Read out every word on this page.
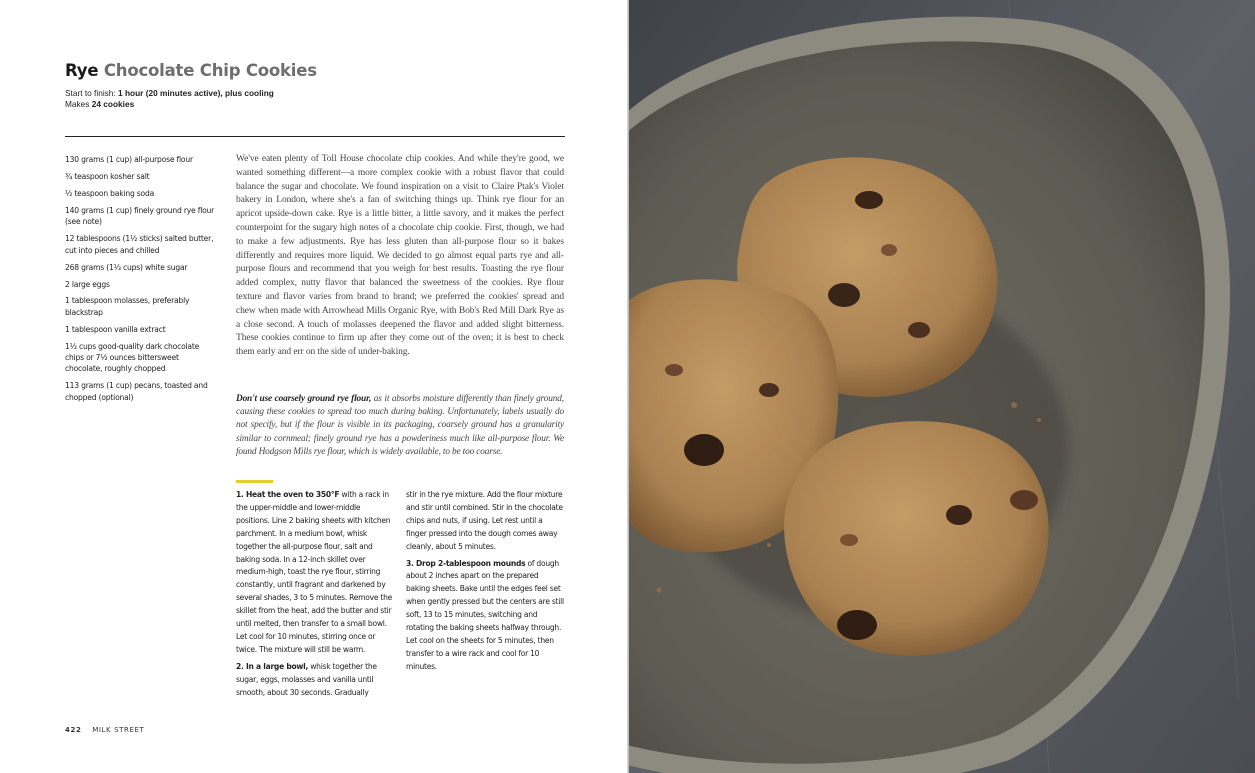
Rye Chocolate Chip Cookies
Start to finish: 1 hour (20 minutes active), plus cooling
Makes 24 cookies
130 grams (1 cup) all-purpose flour
¾ teaspoon kosher salt
½ teaspoon baking soda
140 grams (1 cup) finely ground rye flour (see note)
12 tablespoons (1½ sticks) salted butter, cut into pieces and chilled
268 grams (1⅓ cups) white sugar
2 large eggs
1 tablespoon molasses, preferably blackstrap
1 tablespoon vanilla extract
1½ cups good-quality dark chocolate chips or 7½ ounces bittersweet chocolate, roughly chopped
113 grams (1 cup) pecans, toasted and chopped (optional)

We've eaten plenty of Toll House chocolate chip cookies. And while they're good, we wanted something different—a more complex cookie with a robust flavor that could balance the sugar and chocolate. We found inspiration on a visit to Claire Ptak's Violet bakery in London, where she's a fan of switching things up. Think rye flour for an apricot upside-down cake. Rye is a little bitter, a little savory, and it makes the perfect counterpoint for the sugary high notes of a chocolate chip cookie. First, though, we had to make a few adjustments. Rye has less gluten than all-purpose flour so it bakes differently and requires more liquid. We decided to go almost equal parts rye and all-purpose flours and recommend that you weigh for best results. Toasting the rye flour added complex, nutty flavor that balanced the sweetness of the cookies. Rye flour texture and flavor varies from brand to brand; we preferred the cookies' spread and chew when made with Arrowhead Mills Organic Rye, with Bob's Red Mill Dark Rye as a close second. A touch of molasses deepened the flavor and added slight bitterness. These cookies continue to firm up after they come out of the oven; it is best to check them early and err on the side of under-baking.

Don't use coarsely ground rye flour, as it absorbs moisture differently than finely ground, causing these cookies to spread too much during baking. Unfortunately, labels usually do not specify, but if the flour is visible in its packaging, coarsely ground has a granularity similar to cornmeal; finely ground rye has a powderiness much like all-purpose flour. We found Hodgson Mills rye flour, which is widely available, to be too coarse.

1. Heat the oven to 350°F with a rack in the upper-middle and lower-middle positions. Line 2 baking sheets with kitchen parchment. In a medium bowl, whisk together the all-purpose flour, salt and baking soda. In a 12-inch skillet over medium-high, toast the rye flour, stirring constantly, until fragrant and darkened by several shades, 3 to 5 minutes. Remove the skillet from the heat, add the butter and stir until melted, then transfer to a small bowl. Let cool for 10 minutes, stirring once or twice. The mixture will still be warm.

2. In a large bowl, whisk together the sugar, eggs, molasses and vanilla until smooth, about 30 seconds. Gradually

stir in the rye mixture. Add the flour mixture and stir until combined. Stir in the chocolate chips and nuts, if using. Let rest until a finger pressed into the dough comes away cleanly, about 5 minutes.

3. Drop 2-tablespoon mounds of dough about 2 inches apart on the prepared baking sheets. Bake until the edges feel set when gently pressed but the centers are still soft, 13 to 15 minutes, switching and rotating the baking sheets halfway through. Let cool on the sheets for 5 minutes, then transfer to a wire rack and cool for 10 minutes.

422 MILK STREET
